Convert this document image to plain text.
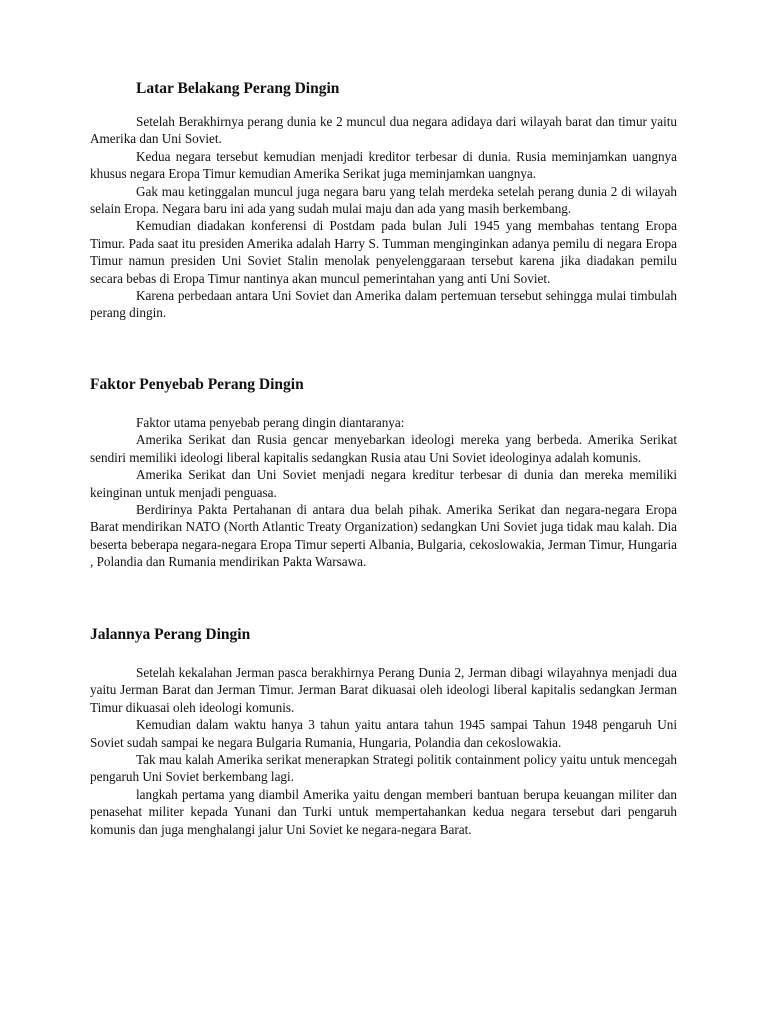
Latar Belakang Perang Dingin

Setelah Berakhirnya perang dunia ke 2 muncul dua negara adidaya dari wilayah barat dan timur yaitu Amerika dan Uni Soviet.

Kedua negara tersebut kemudian menjadi kreditor terbesar di dunia. Rusia meminjamkan uangnya khusus negara Eropa Timur kemudian Amerika Serikat juga meminjamkan uangnya.

Gak mau ketinggalan muncul juga negara baru yang telah merdeka setelah perang dunia 2 di wilayah selain Eropa. Negara baru ini ada yang sudah mulai maju dan ada yang masih berkembang.

Kemudian diadakan konferensi di Postdam pada bulan Juli 1945 yang membahas tentang Eropa Timur. Pada saat itu presiden Amerika adalah Harry S. Tumman menginginkan adanya pemilu di negara Eropa Timur namun presiden Uni Soviet Stalin menolak penyelenggaraan tersebut karena jika diadakan pemilu secara bebas di Eropa Timur nantinya akan muncul pemerintahan yang anti Uni Soviet.

Karena perbedaan antara Uni Soviet dan Amerika dalam pertemuan tersebut sehingga mulai timbulah perang dingin.

Faktor Penyebab Perang Dingin

Faktor utama penyebab perang dingin diantaranya:

Amerika Serikat dan Rusia gencar menyebarkan ideologi mereka yang berbeda. Amerika Serikat sendiri memiliki ideologi liberal kapitalis sedangkan Rusia atau Uni Soviet ideologinya adalah komunis.

Amerika Serikat dan Uni Soviet menjadi negara kreditur terbesar di dunia dan mereka memiliki keinginan untuk menjadi penguasa.

Berdirinya Pakta Pertahanan di antara dua belah pihak. Amerika Serikat dan negara-negara Eropa Barat mendirikan NATO (North Atlantic Treaty Organization) sedangkan Uni Soviet juga tidak mau kalah. Dia beserta beberapa negara-negara Eropa Timur seperti Albania, Bulgaria, cekoslowakia, Jerman Timur, Hungaria , Polandia dan Rumania mendirikan Pakta Warsawa.

Jalannya Perang Dingin

Setelah kekalahan Jerman pasca berakhirnya Perang Dunia 2, Jerman dibagi wilayahnya menjadi dua yaitu Jerman Barat dan Jerman Timur. Jerman Barat dikuasai oleh ideologi liberal kapitalis sedangkan Jerman Timur dikuasai oleh ideologi komunis.

Kemudian dalam waktu hanya 3 tahun yaitu antara tahun 1945 sampai Tahun 1948 pengaruh Uni Soviet sudah sampai ke negara Bulgaria Rumania, Hungaria, Polandia dan cekoslowakia.

Tak mau kalah Amerika serikat menerapkan Strategi politik containment policy yaitu untuk mencegah pengaruh Uni Soviet berkembang lagi.

langkah pertama yang diambil Amerika yaitu dengan memberi bantuan berupa keuangan militer dan penasehat militer kepada Yunani dan Turki untuk mempertahankan kedua negara tersebut dari pengaruh komunis dan juga menghalangi jalur Uni Soviet ke negara-negara Barat.
